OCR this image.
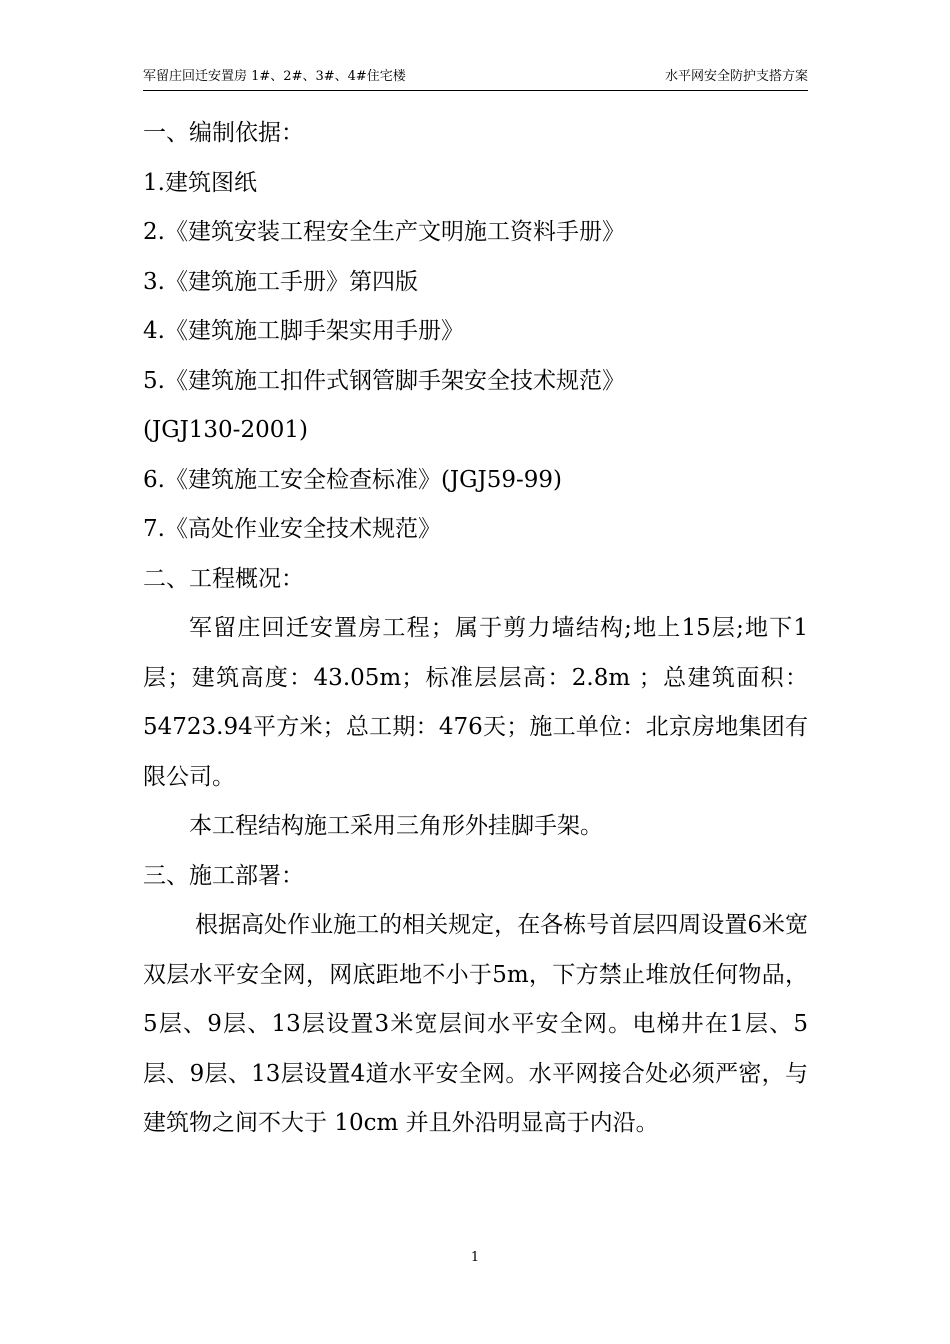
军留庄回迁安置房 1#、2#、3#、4#住宅楼	水平网安全防护支搭方案
一、编制依据：
1.建筑图纸
2.《建筑安装工程安全生产文明施工资料手册》
3.《建筑施工手册》第四版
4.《建筑施工脚手架实用手册》
5.《建筑施工扣件式钢管脚手架安全技术规范》
(JGJ130-2001)
6.《建筑施工安全检查标准》(JGJ59-99)
7.《高处作业安全技术规范》
二、工程概况：
军留庄回迁安置房工程；属于剪力墙结构;地上15层;地下1层；建筑高度：43.05m；标准层层高：2.8m ；总建筑面积：54723.94平方米；总工期：476天；施工单位：北京房地集团有限公司。
本工程结构施工采用三角形外挂脚手架。
三、施工部署：
根据高处作业施工的相关规定，在各栋号首层四周设置6米宽双层水平安全网，网底距地不小于5m，下方禁止堆放任何物品，5层、9层、13层设置3米宽层间水平安全网。电梯井在1层、5层、9层、13层设置4道水平安全网。水平网接合处必须严密，与建筑物之间不大于 10cm 并且外沿明显高于内沿。
1
